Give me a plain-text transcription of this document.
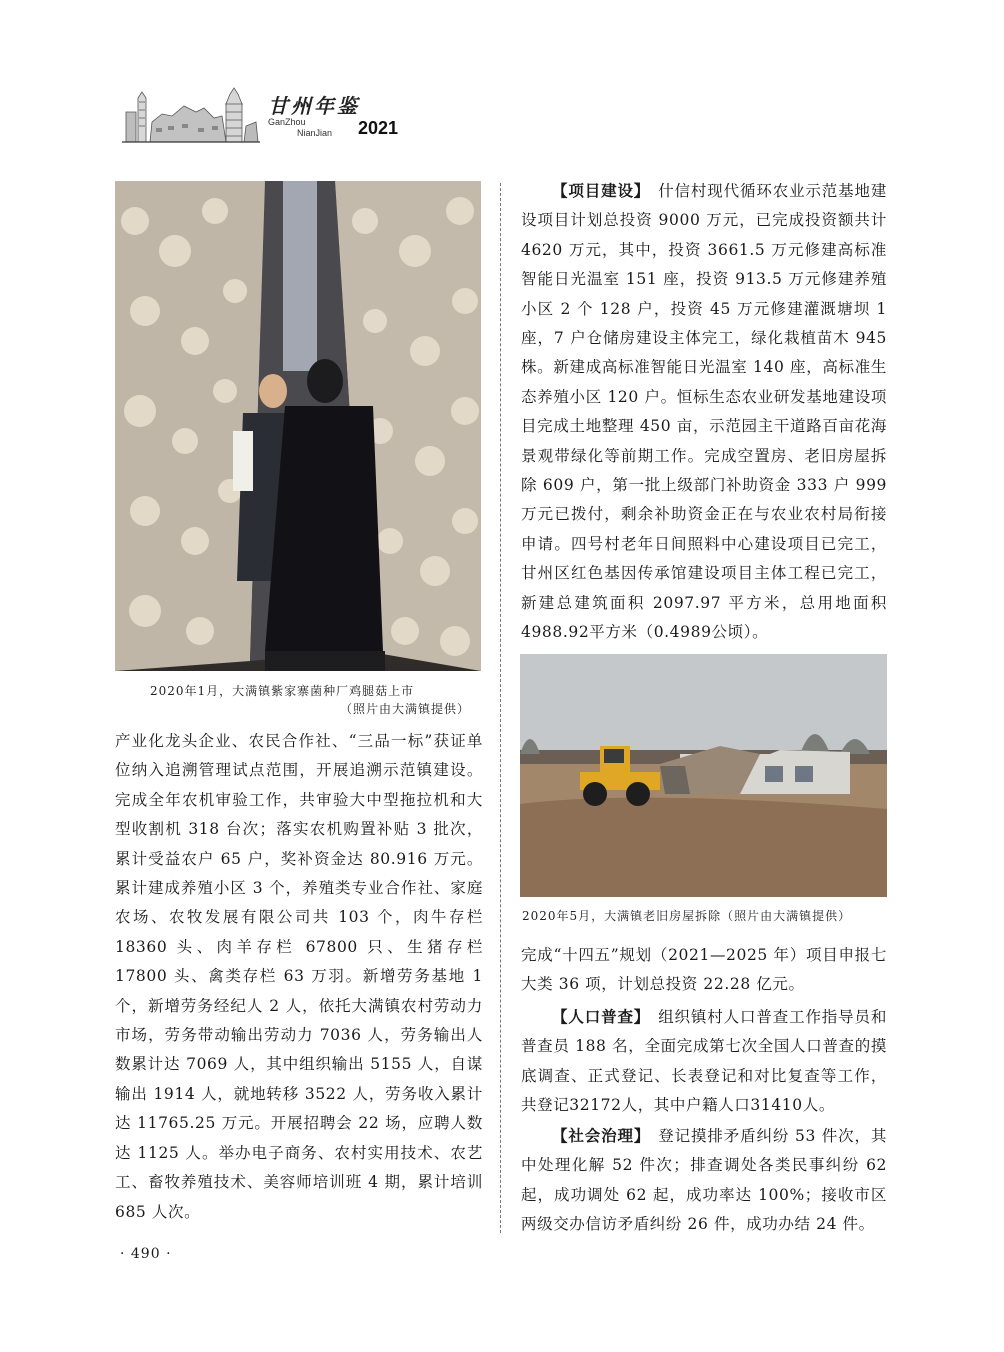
甘州年鉴
GanZhou
NianJian 2021
2020年1月，大满镇紫家寨菌种厂鸡腿菇上市
（照片由大满镇提供）

产业化龙头企业、农民合作社、“三品一标”获证单位纳入追溯管理试点范围，开展追溯示范镇建设。完成全年农机审验工作，共审验大中型拖拉机和大型收割机 318 台次；落实农机购置补贴 3 批次，累计受益农户 65 户，奖补资金达 80.916 万元。累计建成养殖小区 3 个，养殖类专业合作社、家庭农场、农牧发展有限公司共 103 个，肉牛存栏 18360 头、肉羊存栏 67800 只、生猪存栏 17800 头、禽类存栏 63 万羽。新增劳务基地 1 个，新增劳务经纪人 2 人，依托大满镇农村劳动力市场，劳务带动输出劳动力 7036 人，劳务输出人数累计达 7069 人，其中组织输出 5155 人，自谋输出 1914 人，就地转移 3522 人，劳务收入累计达 11765.25 万元。开展招聘会 22 场，应聘人数达 1125 人。举办电子商务、农村实用技术、农艺工、畜牧养殖技术、美容师培训班 4 期，累计培训 685 人次。

【项目建设】 什信村现代循环农业示范基地建设项目计划总投资 9000 万元，已完成投资额共计 4620 万元，其中，投资 3661.5 万元修建高标准智能日光温室 151 座，投资 913.5 万元修建养殖小区 2 个 128 户，投资 45 万元修建灌溉塘坝 1 座，7 户仓储房建设主体完工，绿化栽植苗木 945 株。新建成高标准智能日光温室 140 座，高标准生态养殖小区 120 户。恒标生态农业研发基地建设项目完成土地整理 450 亩，示范园主干道路百亩花海景观带绿化等前期工作。完成空置房、老旧房屋拆除 609 户，第一批上级部门补助资金 333 户 999 万元已拨付，剩余补助资金正在与农业农村局衔接申请。四号村老年日间照料中心建设项目已完工，甘州区红色基因传承馆建设项目主体工程已完工，新建总建筑面积 2097.97 平方米，总用地面积4988.92平方米（0.4989公顷）。

2020年5月，大满镇老旧房屋拆除（照片由大满镇提供）

完成“十四五”规划（2021—2025 年）项目申报七大类 36 项，计划总投资 22.28 亿元。

【人口普查】 组织镇村人口普查工作指导员和普查员 188 名，全面完成第七次全国人口普查的摸底调查、正式登记、长表登记和对比复查等工作，共登记32172人，其中户籍人口31410人。

【社会治理】 登记摸排矛盾纠纷 53 件次，其中处理化解 52 件次；排查调处各类民事纠纷 62 起，成功调处 62 起，成功率达 100%；接收市区两级交办信访矛盾纠纷 26 件，成功办结 24 件。

· 490 ·
